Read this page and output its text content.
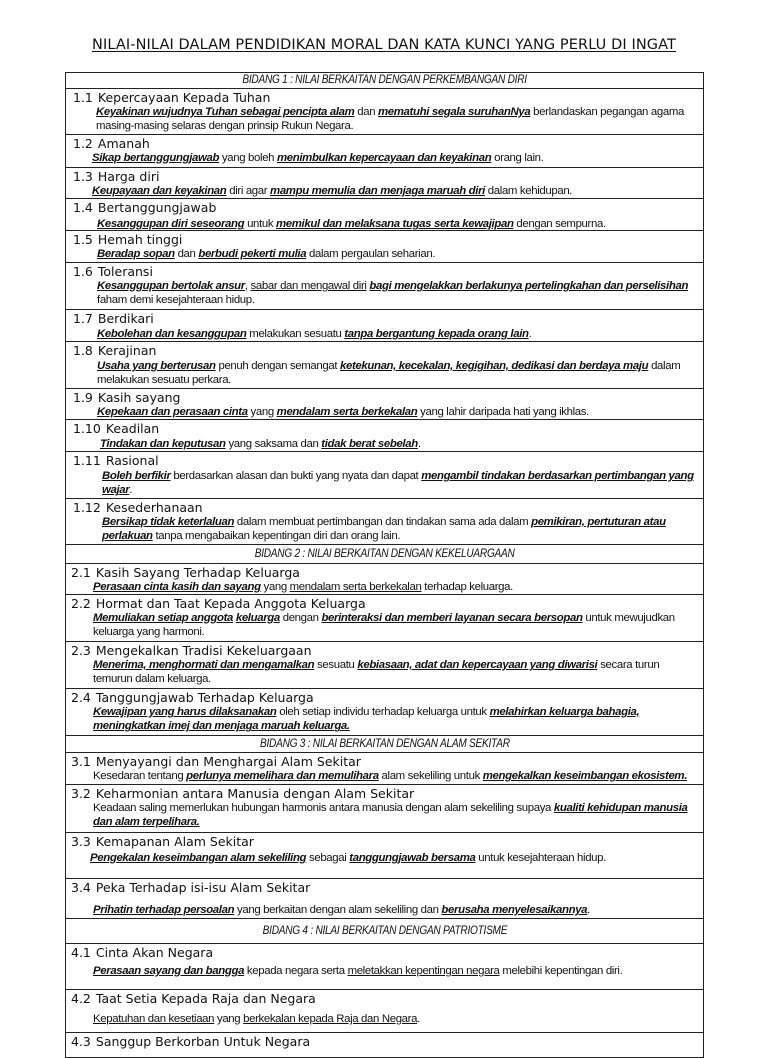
NILAI-NILAI DALAM PENDIDIKAN MORAL DAN KATA KUNCI YANG PERLU DI INGAT
BIDANG 1 : NILAI BERKAITAN DENGAN PERKEMBANGAN DIRI
1.1 Kepercayaan Kepada Tuhan
Keyakinan wujudnya Tuhan sebagai pencipta alam dan mematuhi segala suruhanNya berlandaskan pegangan agama masing-masing selaras dengan prinsip Rukun Negara.
1.2 Amanah
Sikap bertanggungjawab yang boleh menimbulkan kepercayaan dan keyakinan orang lain.
1.3 Harga diri
Keupayaan dan keyakinan diri agar mampu memulia dan menjaga maruah diri dalam kehidupan.
1.4 Bertanggungjawab
Kesanggupan diri seseorang untuk memikul dan melaksana tugas serta kewajipan dengan sempurna.
1.5 Hemah tinggi
Beradap sopan dan berbudi pekerti mulia dalam pergaulan seharian.
1.6 Toleransi
Kesanggupan bertolak ansur, sabar dan mengawal diri bagi mengelakkan berlakunya pertelingkahan dan perselisihan faham demi kesejahteraan hidup.
1.7 Berdikari
Kebolehan dan kesanggupan melakukan sesuatu tanpa bergantung kepada orang lain.
1.8 Kerajinan
Usaha yang berterusan penuh dengan semangat ketekunan, kecekalan, kegigihan, dedikasi dan berdaya maju dalam melakukan sesuatu perkara.
1.9 Kasih sayang
Kepekaan dan perasaan cinta yang mendalam serta berkekalan yang lahir daripada hati yang ikhlas.
1.10 Keadilan
Tindakan dan keputusan yang saksama dan tidak berat sebelah.
1.11 Rasional
Boleh berfikir berdasarkan alasan dan bukti yang nyata dan dapat mengambil tindakan berdasarkan pertimbangan yang wajar.
1.12 Kesederhanaan
Bersikap tidak keterlaluan dalam membuat pertimbangan dan tindakan sama ada dalam pemikiran, pertuturan atau perlakuan tanpa mengabaikan kepentingan diri dan orang lain.
BIDANG 2 : NILAI BERKAITAN DENGAN KEKELUARGAAN
2.1 Kasih Sayang Terhadap Keluarga
Perasaan cinta kasih dan sayang yang mendalam serta berkekalan terhadap keluarga.
2.2 Hormat dan Taat Kepada Anggota Keluarga
Memuliakan setiap anggota keluarga dengan berinteraksi dan memberi layanan secara bersopan untuk mewujudkan keluarga yang harmoni.
2.3 Mengekalkan Tradisi Kekeluargaan
Menerima, menghormati dan mengamalkan sesuatu kebiasaan, adat dan kepercayaan yang diwarisi secara turun temurun dalam keluarga.
2.4 Tanggungjawab Terhadap Keluarga
Kewajipan yang harus dilaksanakan oleh setiap individu terhadap keluarga untuk melahirkan keluarga bahagia, meningkatkan imej dan menjaga maruah keluarga.
BIDANG 3 : NILAI BERKAITAN DENGAN ALAM SEKITAR
3.1 Menyayangi dan Menghargai Alam Sekitar
Kesedaran tentang perlunya memelihara dan memulihara alam sekeliling untuk mengekalkan keseimbangan ekosistem.
3.2 Keharmonian antara Manusia dengan Alam Sekitar
Keadaan saling memerlukan hubungan harmonis antara manusia dengan alam sekeliling supaya kualiti kehidupan manusia dan alam terpelihara.
3.3 Kemapanan Alam Sekitar
Pengekalan keseimbangan alam sekeliling sebagai tanggungjawab bersama untuk kesejahteraan hidup.
3.4 Peka Terhadap isi-isu Alam Sekitar
Prihatin terhadap persoalan yang berkaitan dengan alam sekeliling dan berusaha menyelesaikannya.
BIDANG 4 : NILAI BERKAITAN DENGAN PATRIOTISME
4.1 Cinta Akan Negara
Perasaan sayang dan bangga kepada negara serta meletakkan kepentingan negara melebihi kepentingan diri.
4.2 Taat Setia Kepada Raja dan Negara
Kepatuhan dan kesetiaan yang berkekalan kepada Raja dan Negara.
4.3 Sanggup Berkorban Untuk Negara
